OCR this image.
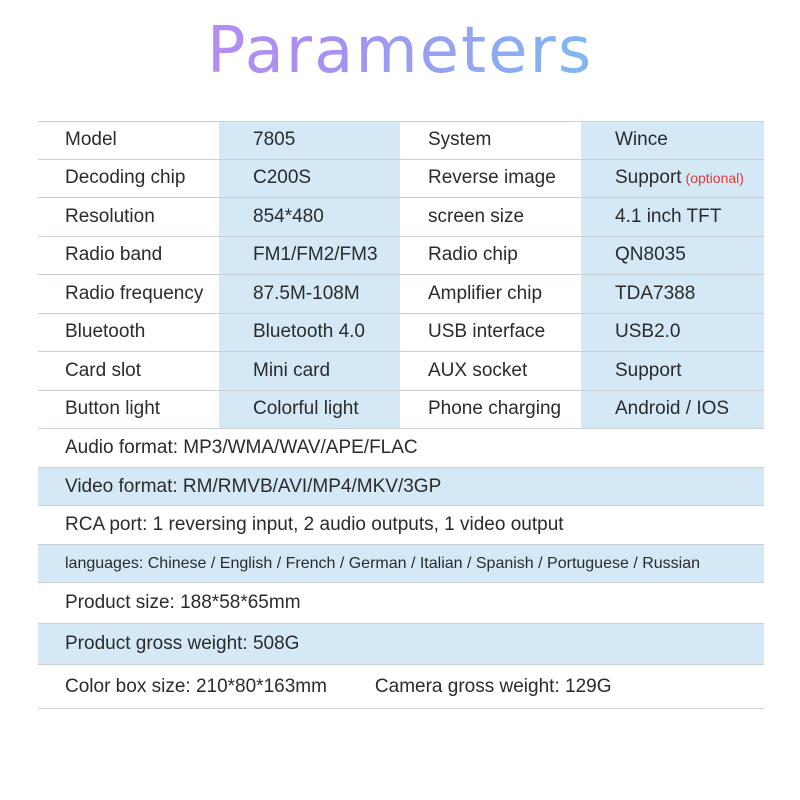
Parameters
Model	7805	System	Wince
Decoding chip	C200S	Reverse image	Support (optional)
Resolution	854*480	screen size	4.1 inch TFT
Radio band	FM1/FM2/FM3	Radio chip	QN8035
Radio frequency	87.5M-108M	Amplifier chip	TDA7388
Bluetooth	Bluetooth 4.0	USB interface	USB2.0
Card slot	Mini card	AUX socket	Support
Button light	Colorful light	Phone charging	Android / IOS
Audio format: MP3/WMA/WAV/APE/FLAC
Video format: RM/RMVB/AVI/MP4/MKV/3GP
RCA port: 1 reversing input, 2 audio outputs, 1 video output
languages: Chinese / English / French / German / Italian / Spanish / Portuguese / Russian
Product size: 188*58*65mm
Product gross weight: 508G
Color box size: 210*80*163mm	Camera gross weight: 129G
